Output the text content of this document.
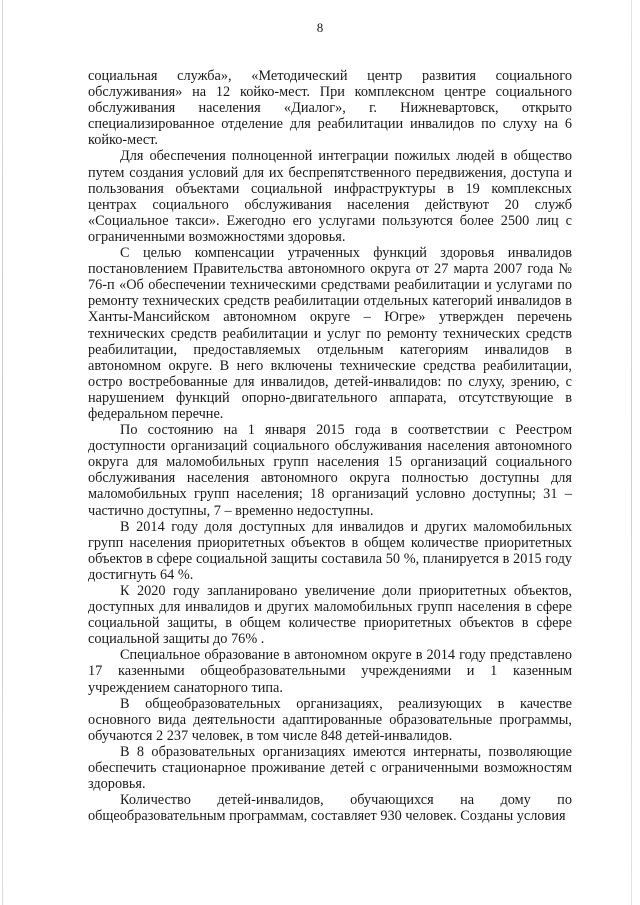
8

социальная служба», «Методический центр развития социального обслуживания» на 12 койко-мест. При комплексном центре социального обслуживания населения «Диалог», г. Нижневартовск, открыто специализированное отделение для реабилитации инвалидов по слуху на 6 койко-мест.

Для обеспечения полноценной интеграции пожилых людей в общество путем создания условий для их беспрепятственного передвижения, доступа и пользования объектами социальной инфраструктуры в 19 комплексных центрах социального обслуживания населения действуют 20 служб «Социальное такси». Ежегодно его услугами пользуются более 2500 лиц с ограниченными возможностями здоровья.

С целью компенсации утраченных функций здоровья инвалидов постановлением Правительства автономного округа от 27 марта 2007 года № 76-п «Об обеспечении техническими средствами реабилитации и услугами по ремонту технических средств реабилитации отдельных категорий инвалидов в Ханты-Мансийском автономном округе – Югре» утвержден перечень технических средств реабилитации и услуг по ремонту технических средств реабилитации, предоставляемых отдельным категориям инвалидов в автономном округе. В него включены технические средства реабилитации, остро востребованные для инвалидов, детей-инвалидов: по слуху, зрению, с нарушением функций опорно-двигательного аппарата, отсутствующие в федеральном перечне.

По состоянию на 1 января 2015 года в соответствии с Реестром доступности организаций социального обслуживания населения автономного округа для маломобильных групп населения 15 организаций социального обслуживания населения автономного округа полностью доступны для маломобильных групп населения; 18 организаций условно доступны; 31 – частично доступны, 7 – временно недоступны.

В 2014 году доля доступных для инвалидов и других маломобильных групп населения приоритетных объектов в общем количестве приоритетных объектов в сфере социальной защиты составила 50 %, планируется в 2015 году достигнуть 64 %.

К 2020 году запланировано увеличение доли приоритетных объектов, доступных для инвалидов и других маломобильных групп населения в сфере социальной защиты, в общем количестве приоритетных объектов в сфере социальной защиты до 76% .

Специальное образование в автономном округе в 2014 году представлено 17 казенными общеобразовательными учреждениями и 1 казенным учреждением санаторного типа.

В общеобразовательных организациях, реализующих в качестве основного вида деятельности адаптированные образовательные программы, обучаются 2 237 человек, в том числе 848 детей-инвалидов.

В 8 образовательных организациях имеются интернаты, позволяющие обеспечить стационарное проживание детей с ограниченными возможностям здоровья.

Количество детей-инвалидов, обучающихся на дому по общеобразовательным программам, составляет 930 человек. Созданы условия
